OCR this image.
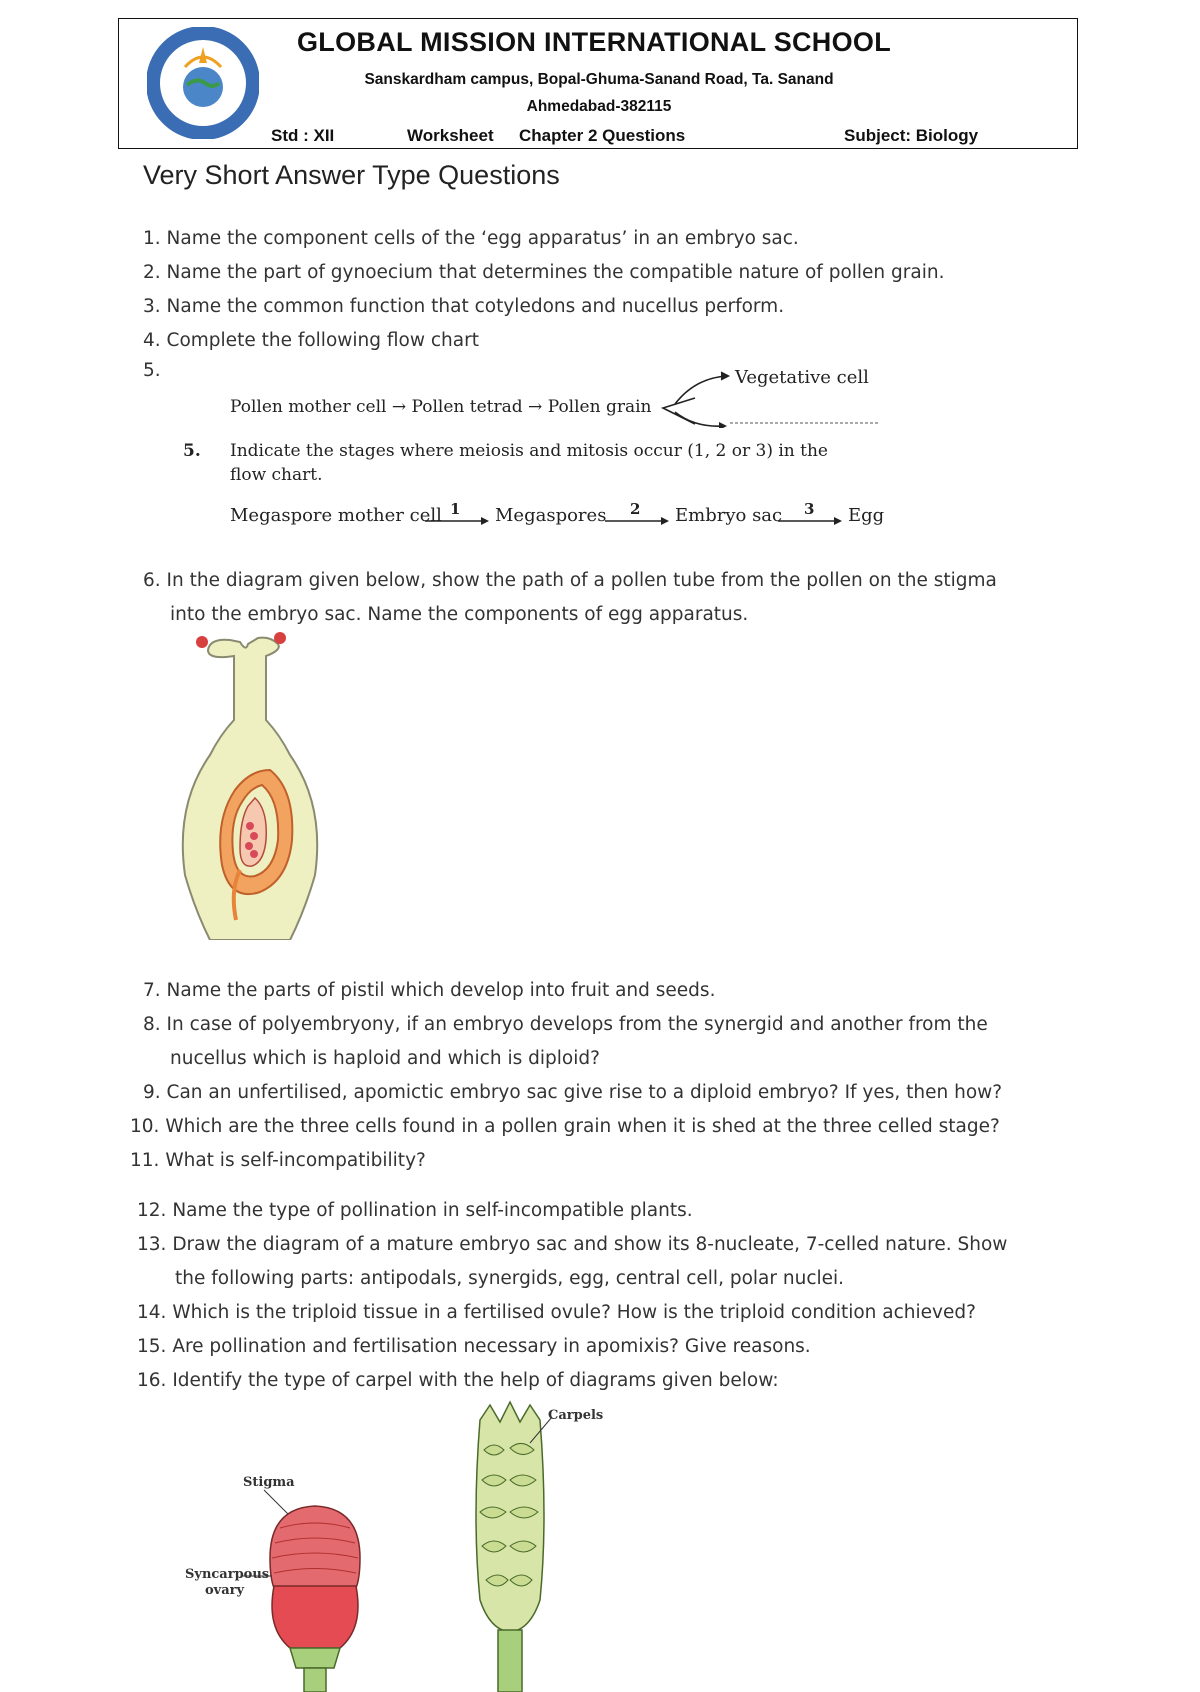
GLOBAL MISSION INTERNATIONAL SCHOOL
Sanskardham campus, Bopal-Ghuma-Sanand Road, Ta. Sanand
Ahmedabad-382115
Std : XII	Worksheet Chapter 2 Questions	Subject: Biology
Very Short Answer Type Questions
1. Name the component cells of the ‘egg apparatus’ in an embryo sac.
2. Name the part of gynoecium that determines the compatible nature of pollen grain.
3. Name the common function that cotyledons and nucellus perform.
4. Complete the following flow chart
5.
Pollen mother cell → Pollen tetrad → Pollen grain
Vegetative cell
5. Indicate the stages where meiosis and mitosis occur (1, 2 or 3) in the
flow chart.
Megaspore mother cell 1 Megaspores 2 Embryo sac 3 Egg
6. In the diagram given below, show the path of a pollen tube from the pollen on the stigma
into the embryo sac. Name the components of egg apparatus.
7. Name the parts of pistil which develop into fruit and seeds.
8. In case of polyembryony, if an embryo develops from the synergid and another from the
nucellus which is haploid and which is diploid?
9. Can an unfertilised, apomictic embryo sac give rise to a diploid embryo? If yes, then how?
10. Which are the three cells found in a pollen grain when it is shed at the three celled stage?
11. What is self-incompatibility?
12. Name the type of pollination in self-incompatible plants.
13. Draw the diagram of a mature embryo sac and show its 8-nucleate, 7-celled nature. Show
the following parts: antipodals, synergids, egg, central cell, polar nuclei.
14. Which is the triploid tissue in a fertilised ovule? How is the triploid condition achieved?
15. Are pollination and fertilisation necessary in apomixis? Give reasons.
16. Identify the type of carpel with the help of diagrams given below:
Stigma
Syncarpous
ovary
Carpels
